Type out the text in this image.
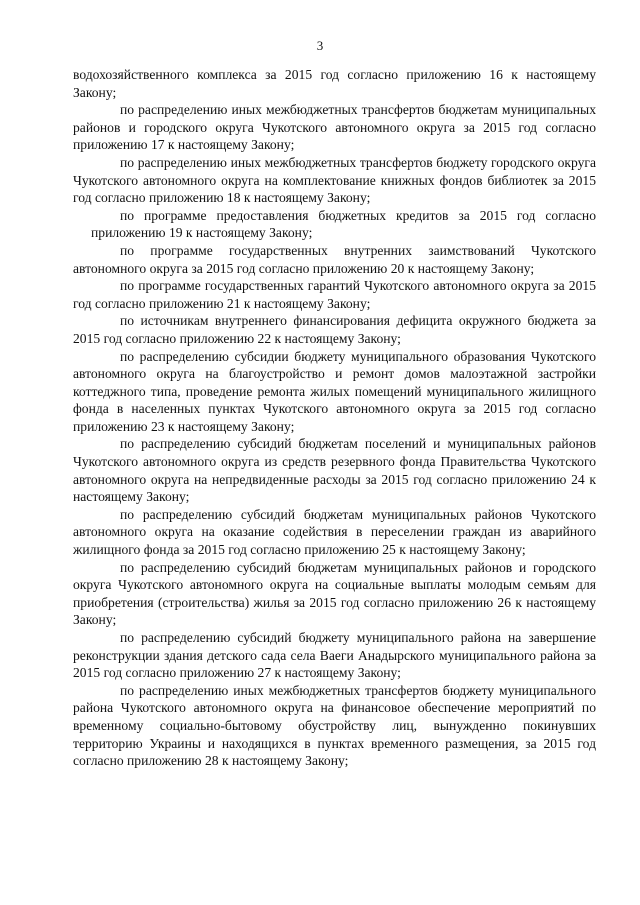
3

водохозяйственного комплекса за 2015 год согласно приложению 16 к настоящему Закону;

по распределению иных межбюджетных трансфертов бюджетам муниципальных районов и городского округа Чукотского автономного округа за 2015 год согласно приложению 17 к настоящему Закону;

по распределению иных межбюджетных трансфертов бюджету городского округа Чукотского автономного округа на комплектование книжных фондов библиотек за 2015 год согласно приложению 18 к настоящему Закону;

по программе предоставления бюджетных кредитов за 2015 год согласно приложению 19 к настоящему Закону;

по программе государственных внутренних заимствований Чукотского автономного округа за 2015 год согласно приложению 20 к настоящему Закону;

по программе государственных гарантий Чукотского автономного округа за 2015 год согласно приложению 21 к настоящему Закону;

по источникам внутреннего финансирования дефицита окружного бюджета за 2015 год согласно приложению 22 к настоящему Закону;

по распределению субсидии бюджету муниципального образования Чукотского автономного округа на благоустройство и ремонт домов малоэтажной застройки коттеджного типа, проведение ремонта жилых помещений муниципального жилищного фонда в населенных пунктах Чукотского автономного округа за 2015 год согласно приложению 23 к настоящему Закону;

по распределению субсидий бюджетам поселений и муниципальных районов Чукотского автономного округа из средств резервного фонда Правительства Чукотского автономного округа на непредвиденные расходы за 2015 год согласно приложению 24 к настоящему Закону;

по распределению субсидий бюджетам муниципальных районов Чукотского автономного округа на оказание содействия в переселении граждан из аварийного жилищного фонда за 2015 год согласно приложению 25 к настоящему Закону;

по распределению субсидий бюджетам муниципальных районов и городского округа Чукотского автономного округа на социальные выплаты молодым семьям для приобретения (строительства) жилья за 2015 год согласно приложению 26 к настоящему Закону;

по распределению субсидий бюджету муниципального района на завершение реконструкции здания детского сада села Ваеги Анадырского муниципального района за 2015 год согласно приложению 27 к настоящему Закону;

по распределению иных межбюджетных трансфертов бюджету муниципального района Чукотского автономного округа на финансовое обеспечение мероприятий по временному социально-бытовому обустройству лиц, вынужденно покинувших территорию Украины и находящихся в пунктах временного размещения, за 2015 год согласно приложению 28 к настоящему Закону;
